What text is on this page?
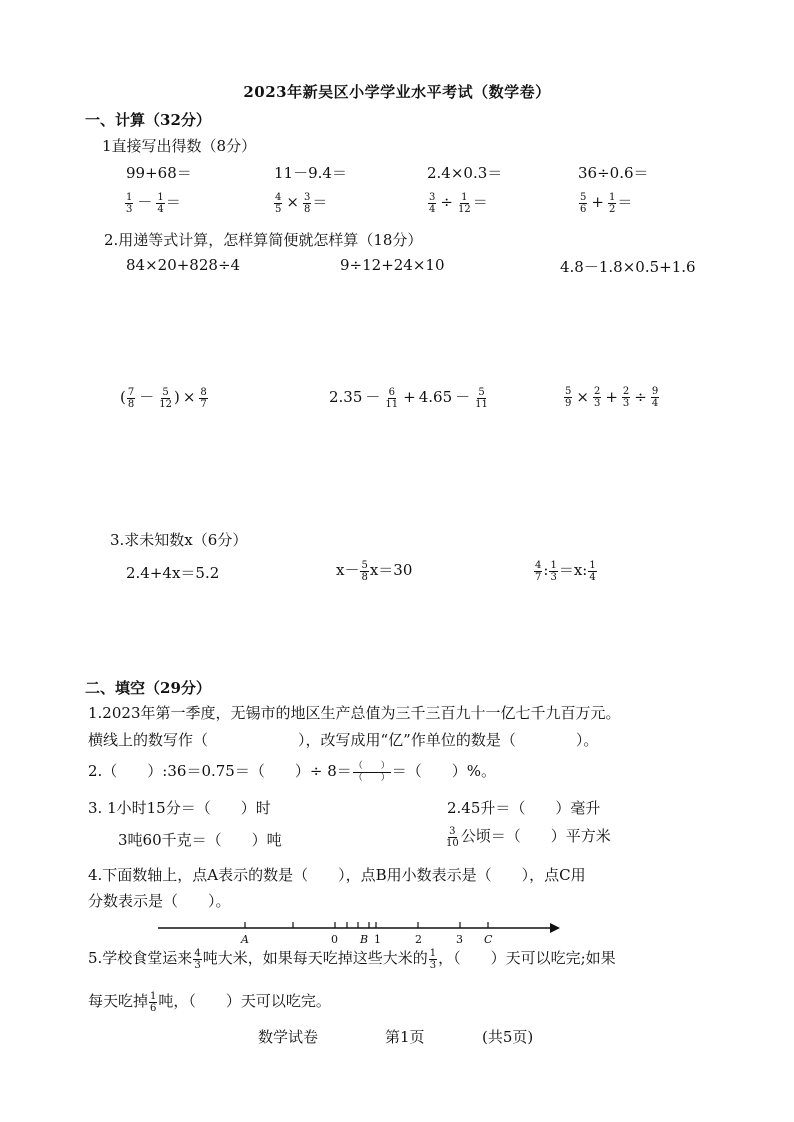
2023年新吴区小学学业水平考试（数学卷）
一、计算（32分）
1直接写出得数（8分）
99+68＝	11－9.4＝	2.4×0.3＝	36÷0.6＝
$\frac{1}{3} - \frac{1}{4}$ ＝	$\frac{4}{5} \times \frac{3}{8}$ ＝	$\frac{3}{4} \div \frac{1}{12}$ ＝	$\frac{5}{6} + \frac{1}{2}$ ＝
2.用递等式计算，怎样算简便就怎样算（18分）
84×20+828÷4	9÷12+24×10	4.8－1.8×0.5+1.6
( $\frac{7}{8} - \frac{5}{12}$ ) × $\frac{8}{7}$	$2.35 - \frac{6}{11} + 4.65 - \frac{5}{11}$	$\frac{5}{9} \times \frac{2}{3} + \frac{2}{3} \div \frac{9}{4}$
3.求未知数x（6分）
2.4+4x＝5.2	$x- \frac{5}{8} x=30$	$\frac{4}{7}$ : $\frac{1}{3} =x$: $\frac{1}{4}$
二、填空（29分）
1.2023年第一季度，无锡市的地区生产总值为三千三百九十一亿七千九百万元。
横线上的数写作（　　　　　　），改写成用“亿”作单位的数是（　　　　）。
2.（　　）:36＝0.75＝（　　）÷ $8= \frac{( )}{( )}$ ＝（　　）%。
3. 1小时15分＝（　　）时	2.45升＝（　　）毫升
3吨60千克＝（　　）吨	$\frac{3}{10}$ 公顷＝（　　）平方米
4.下面数轴上，点A表示的数是（　　），点B用小数表示是（　　），点C用
分数表示是（　　）。
A	0 B 1	2	3 C
5.学校食堂运来 $\frac{4}{3}$ 吨大米，如果每天吃掉这些大米的 $\frac{1}{3}$ ，（　　）天可以吃完;如果
每天吃掉 $\frac{1}{6}$ 吨，（　　）天可以吃完。
数学试卷	第1页	(共5页)
